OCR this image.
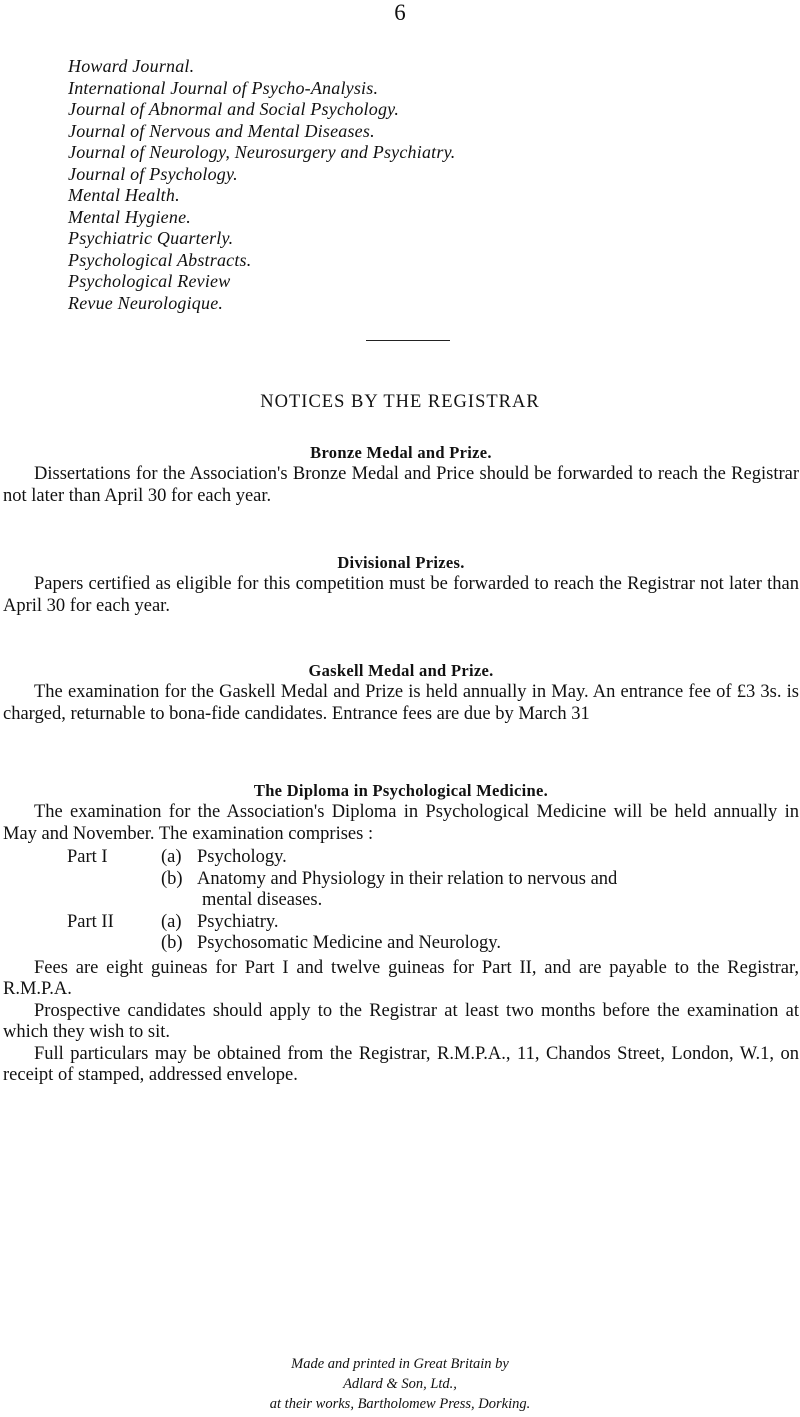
6
Howard Journal.
International Journal of Psycho-Analysis.
Journal of Abnormal and Social Psychology.
Journal of Nervous and Mental Diseases.
Journal of Neurology, Neurosurgery and Psychiatry.
Journal of Psychology.
Mental Health.
Mental Hygiene.
Psychiatric Quarterly.
Psychological Abstracts.
Psychological Review
Revue Neurologique.
NOTICES BY THE REGISTRAR
Bronze Medal and Prize.

Dissertations for the Association's Bronze Medal and Price should be forwarded to reach the Registrar not later than April 30 for each year.

Divisional Prizes.

Papers certified as eligible for this competition must be forwarded to reach the Registrar not later than April 30 for each year.

Gaskell Medal and Prize.

The examination for the Gaskell Medal and Prize is held annually in May. An entrance fee of £3 3s. is charged, returnable to bona-fide candidates. Entrance fees are due by March 31

The Diploma in Psychological Medicine.

The examination for the Association's Diploma in Psychological Medicine will be held annually in May and November. The examination comprises :

Part I	(a) Psychology.
(b) Anatomy and Physiology in their relation to nervous and
mental diseases.
Part II	(a) Psychiatry.
(b) Psychosomatic Medicine and Neurology.

Fees are eight guineas for Part I and twelve guineas for Part II, and are payable to the Registrar, R.M.P.A.

Prospective candidates should apply to the Registrar at least two months before the examination at which they wish to sit.

Full particulars may be obtained from the Registrar, R.M.P.A., 11, Chandos Street, London, W.1, on receipt of stamped, addressed envelope.

Made and printed in Great Britain by
Adlard & Son, Ltd.,
at their works, Bartholomew Press, Dorking.
